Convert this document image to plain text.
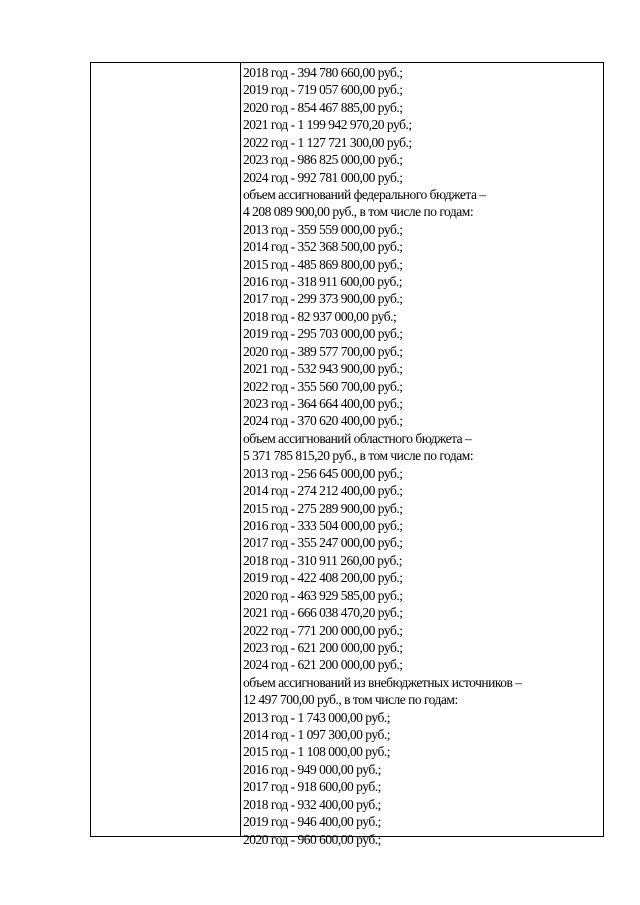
2018 год - 394 780 660,00 руб.;
2019 год - 719 057 600,00 руб.;
2020 год - 854 467 885,00 руб.;
2021 год - 1 199 942 970,20 руб.;
2022 год - 1 127 721 300,00 руб.;
2023 год - 986 825 000,00 руб.;
2024 год - 992 781 000,00 руб.;
объем ассигнований федерального бюджета –
4 208 089 900,00 руб., в том числе по годам:
2013 год - 359 559 000,00 руб.;
2014 год - 352 368 500,00 руб.;
2015 год - 485 869 800,00 руб.;
2016 год - 318 911 600,00 руб.;
2017 год - 299 373 900,00 руб.;
2018 год - 82 937 000,00 руб.;
2019 год - 295 703 000,00 руб.;
2020 год - 389 577 700,00 руб.;
2021 год - 532 943 900,00 руб.;
2022 год - 355 560 700,00 руб.;
2023 год - 364 664 400,00 руб.;
2024 год - 370 620 400,00 руб.;
объем ассигнований областного бюджета –
5 371 785 815,20 руб., в том числе по годам:
2013 год - 256 645 000,00 руб.;
2014 год - 274 212 400,00 руб.;
2015 год - 275 289 900,00 руб.;
2016 год - 333 504 000,00 руб.;
2017 год - 355 247 000,00 руб.;
2018 год - 310 911 260,00 руб.;
2019 год - 422 408 200,00 руб.;
2020 год - 463 929 585,00 руб.;
2021 год - 666 038 470,20 руб.;
2022 год - 771 200 000,00 руб.;
2023 год - 621 200 000,00 руб.;
2024 год - 621 200 000,00 руб.;
объем ассигнований из внебюджетных источников –
12 497 700,00 руб., в том числе по годам:
2013 год - 1 743 000,00 руб.;
2014 год - 1 097 300,00 руб.;
2015 год - 1 108 000,00 руб.;
2016 год - 949 000,00 руб.;
2017 год - 918 600,00 руб.;
2018 год - 932 400,00 руб.;
2019 год - 946 400,00 руб.;
2020 год - 960 600,00 руб.;
